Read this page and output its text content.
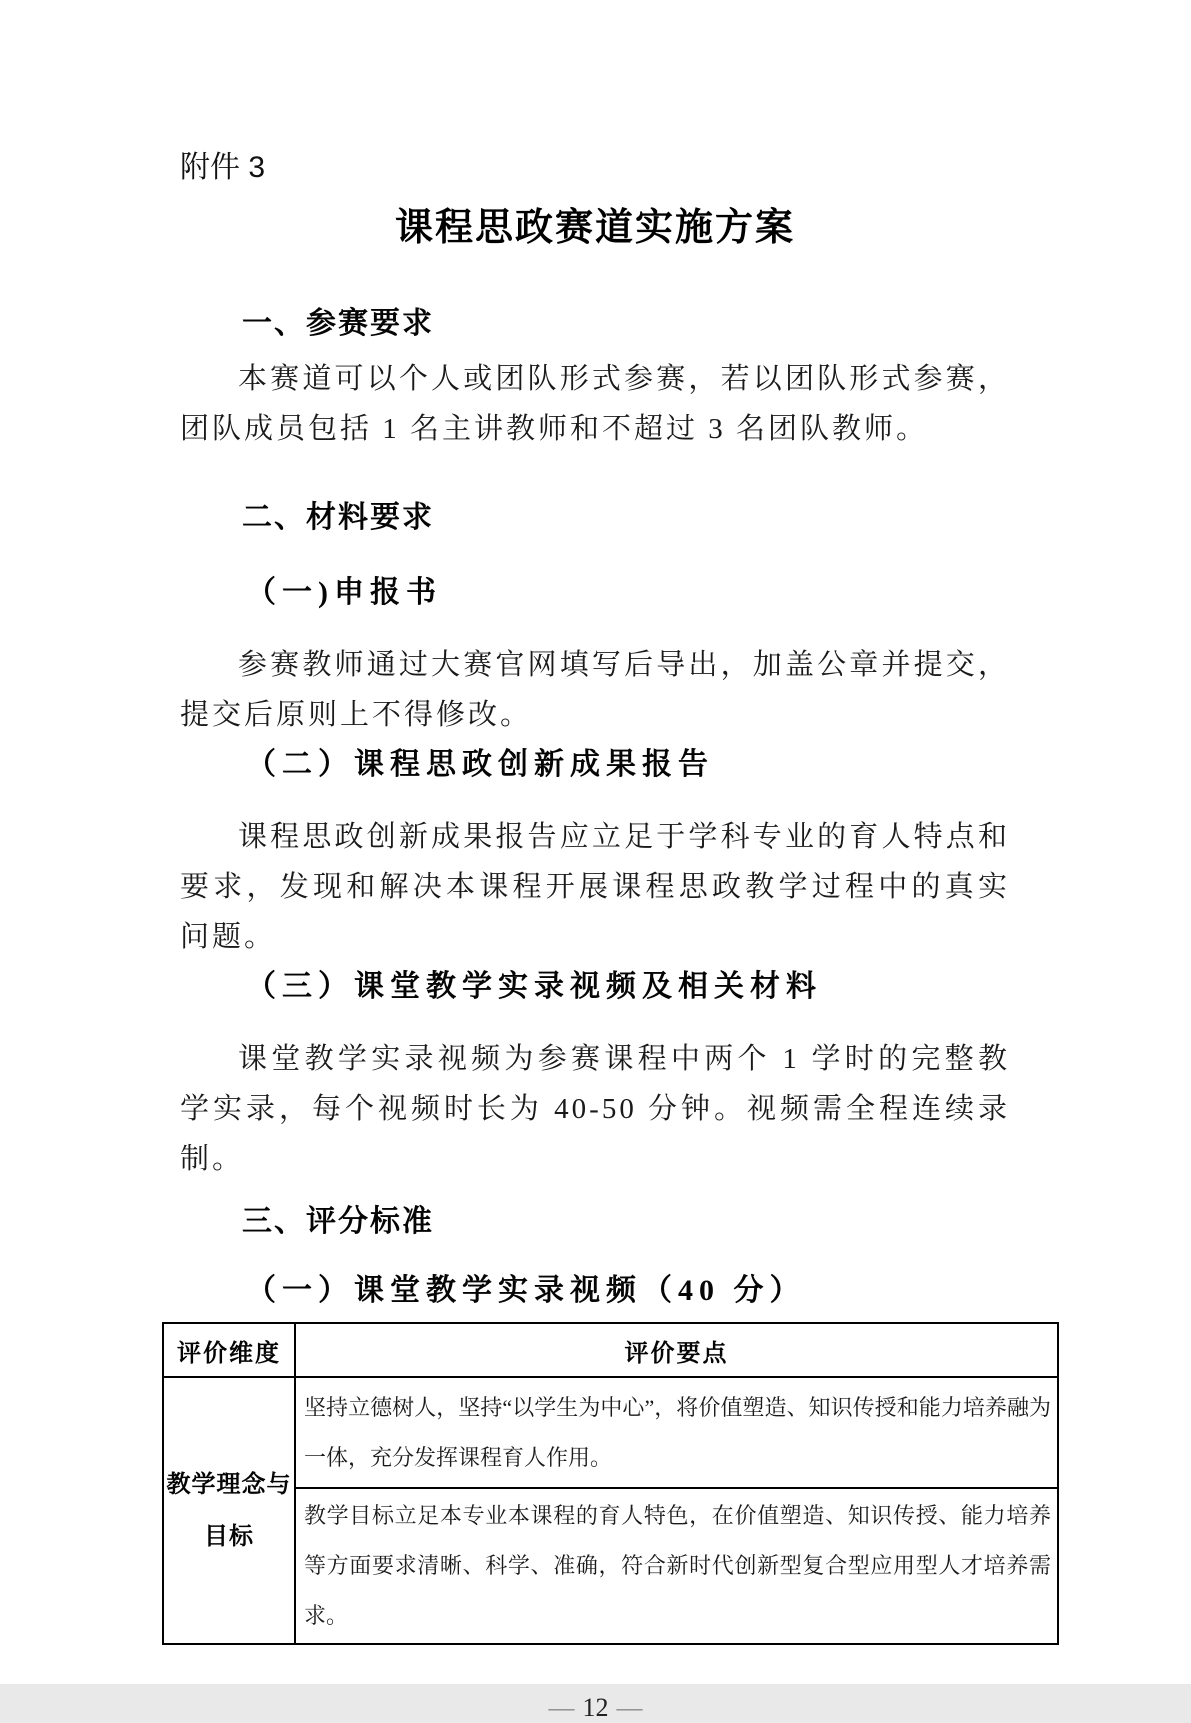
附件 3
课程思政赛道实施方案
一、参赛要求
本赛道可以个人或团队形式参赛，若以团队形式参赛，团队成员包括 1 名主讲教师和不超过 3 名团队教师。
二、材料要求
（一)申报书
参赛教师通过大赛官网填写后导出，加盖公章并提交，提交后原则上不得修改。
（二）课程思政创新成果报告
课程思政创新成果报告应立足于学科专业的育人特点和要求，发现和解决本课程开展课程思政教学过程中的真实问题。
（三）课堂教学实录视频及相关材料
课堂教学实录视频为参赛课程中两个 1 学时的完整教学实录，每个视频时长为 40-50 分钟。视频需全程连续录制。
三、评分标准
（一）课堂教学实录视频（40 分）
评价维度	评价要点
教学理念与目标	坚持立德树人，坚持“以学生为中心”，将价值塑造、知识传授和能力培养融为一体，充分发挥课程育人作用。
	教学目标立足本专业本课程的育人特色，在价值塑造、知识传授、能力培养等方面要求清晰、科学、准确，符合新时代创新型复合型应用型人才培养需求。
— 12 —
